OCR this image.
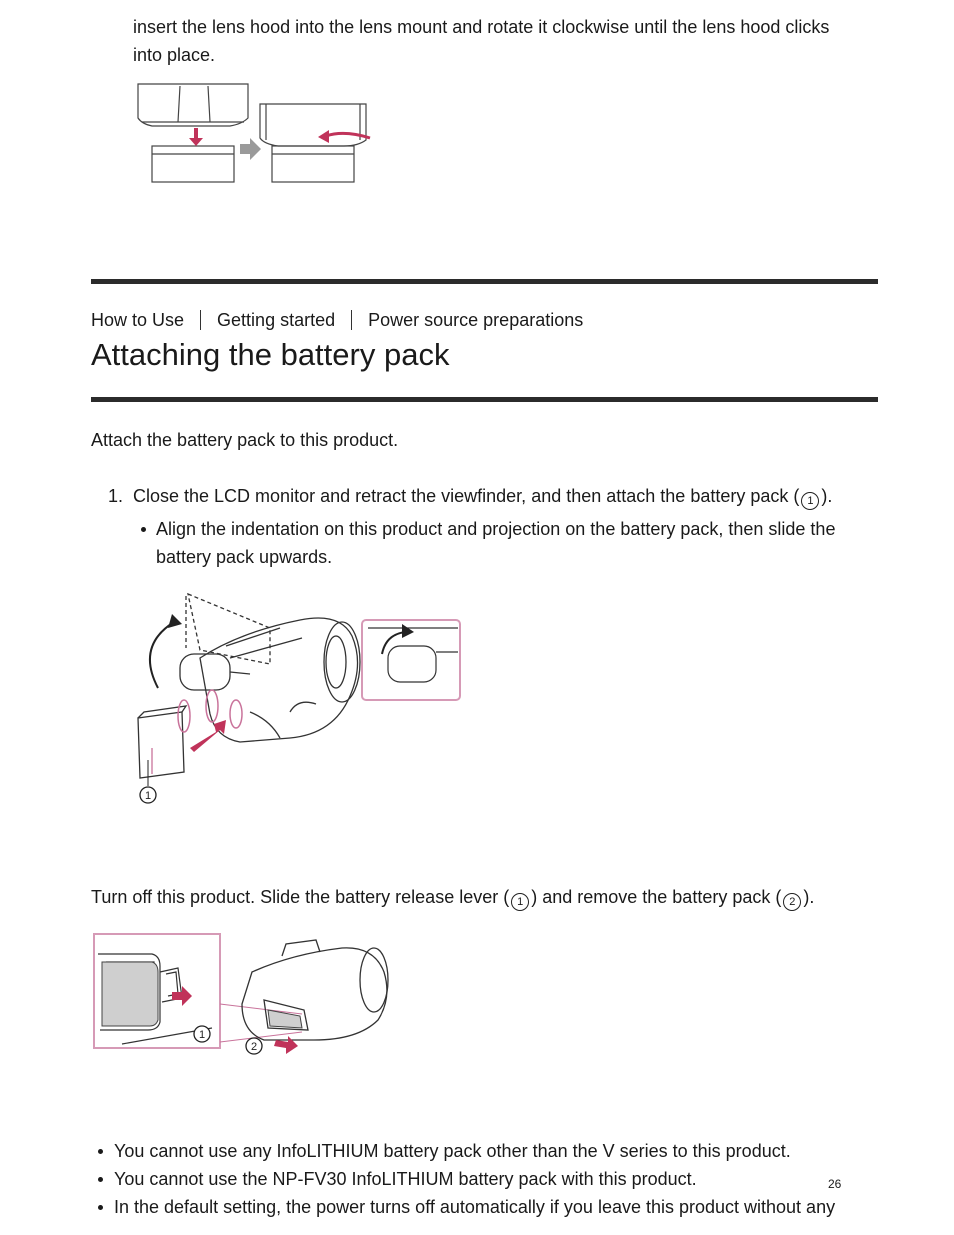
insert the lens hood into the lens mount and rotate it clockwise until the lens hood clicks
into place.
How to Use Getting started Power source preparations
Attaching the battery pack
Attach the battery pack to this product.
1. Close the LCD monitor and retract the viewfinder, and then attach the battery pack ( 1 ).
Align the indentation on this product and projection on the battery pack, then slide the
battery pack upwards.
1
Turn off this product. Slide the battery release lever ( 1 ) and remove the battery pack ( 2 ).
1
2
You cannot use any InfoLITHIUM battery pack other than the V series to this product.
You cannot use the NP-FV30 InfoLITHIUM battery pack with this product.
In the default setting, the power turns off automatically if you leave this product without any
26
